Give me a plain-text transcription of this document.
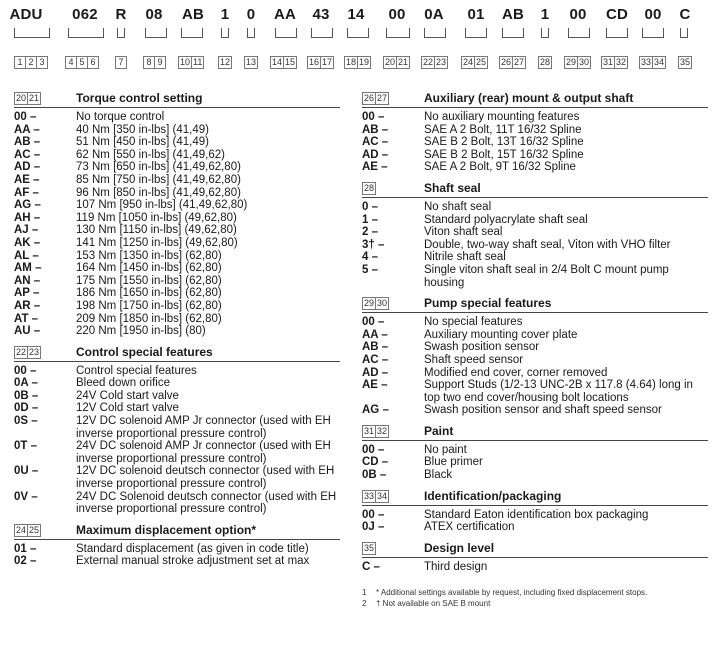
ADU	062	R 08 AB 1 0 AA 43 14 00 0A 01 AB 1 00 CD 00 C
1 2 3	4 5 6	7	8 9	10 11 12 13 14 15 16 17 18 19 20 21 22 23 24 25 26 27 28 29 30 31 32 33 34 35
20 21	Torque control setting
00 –	No torque control
AA –	40 Nm [350 in-lbs] (41,49)
AB –	51 Nm [450 in-lbs] (41,49)
AC –	62 Nm [550 in-lbs] (41,49,62)
AD –	73 Nm [650 in-lbs] (41,49,62,80)
AE –	85 Nm [750 in-lbs] (41,49,62,80)
AF –	96 Nm [850 in-lbs] (41,49,62,80)
AG –	107 Nm [950 in-lbs] (41,49,62,80)
AH –	119 Nm [1050 in-lbs] (49,62,80)
AJ –	130 Nm [1150 in-lbs] (49,62,80)
AK –	141 Nm [1250 in-lbs] (49,62,80)
AL –	153 Nm [1350 in-lbs] (62,80)
AM –	164 Nm [1450 in-lbs] (62,80)
AN –	175 Nm [1550 in-lbs] (62,80)
AP –	186 Nm [1650 in-lbs] (62,80)
AR –	198 Nm [1750 in-lbs] (62,80)
AT –	209 Nm [1850 in-lbs] (62,80)
AU –	220 Nm [1950 in-lbs] (80)
22 23	Control special features
00 –	Control special features
0A –	Bleed down orifice
0B –	24V Cold start valve
0D –	12V Cold start valve
0S –	12V DC solenoid AMP Jr connector (used with EH inverse proportional pressure control)
0T –	24V DC solenoid AMP Jr connector (used with EH inverse proportional pressure control)
0U –	12V DC solenoid deutsch connector (used with EH inverse proportional pressure control)
0V –	24V DC Solenoid deutsch connector (used with EH inverse proportional pressure control)
24 25	Maximum displacement option*
01 –	Standard displacement (as given in code title)
02 –	External manual stroke adjustment set at max
26 27	Auxiliary (rear) mount & output shaft
00 –	No auxiliary mounting features
AB –	SAE A 2 Bolt, 11T 16/32 Spline
AC –	SAE B 2 Bolt, 13T 16/32 Spline
AD –	SAE B 2 Bolt, 15T 16/32 Spline
AE –	SAE A 2 Bolt, 9T 16/32 Spline
28	Shaft seal
0 –	No shaft seal
1 –	Standard polyacrylate shaft seal
2 –	Viton shaft seal
3† –	Double, two-way shaft seal, Viton with VHO filter
4 –	Nitrile shaft seal
5 –	Single viton shaft seal in 2/4 Bolt C mount pump housing
29 30	Pump special features
00 –	No special features
AA –	Auxiliary mounting cover plate
AB –	Swash position sensor
AC –	Shaft speed sensor
AD –	Modified end cover, corner removed
AE –	Support Studs (1/2-13 UNC-2B x 117.8 (4.64) long in top two end cover/housing bolt locations
AG –	Swash position sensor and shaft speed sensor
31 32	Paint
00 –	No paint
CD –	Blue primer
0B –	Black
33 34	Identification/packaging
00 –	Standard Eaton identification box packaging
0J –	ATEX certification
35	Design level
C –	Third design
1 * Additional settings available by request, including fixed displacement stops.
2 † Not available on SAE B mount
